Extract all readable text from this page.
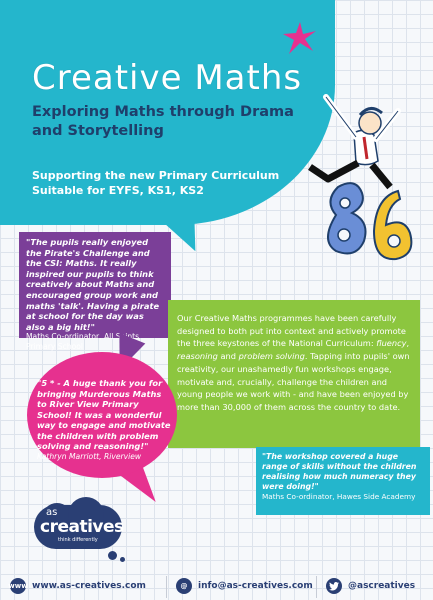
Creative Maths
Exploring Maths through Drama and Storytelling
Supporting the new Primary Curriculum
Suitable for EYFS, KS1, KS2
"The pupils really enjoyed the Pirate's Challenge and the CSI: Maths. It really inspired our pupils to think creatively about Maths and encouraged group work and maths 'talk'. Having a pirate at school for the day was also a big hit!"
Maths Co-ordinator, All Saints Primary School

Our Creative Maths programmes have been carefully designed to both put into context and actively promote the three keystones of the National Curriculum: fluency, reasoning and problem solving. Tapping into pupils' own creativity, our unashamedly fun workshops engage, motivate and, crucially, challenge the children and young people we work with - and have been enjoyed by more than 30,000 of them across the country to date.

"5 * - A huge thank you for bringing Murderous Maths to River View Primary School! It was a wonderful way to engage and motivate the children with problem solving and reasoning!"
Kathryn Marriott, Riverview	"The workshop covered a huge range of skills without the children realising how much numeracy they were doing!"
Maths Co-ordinator, Hawes Side Academy
as
creatives
think differently
www www.as-creatives.com	@	info@as-creatives.com	@ascreatives
